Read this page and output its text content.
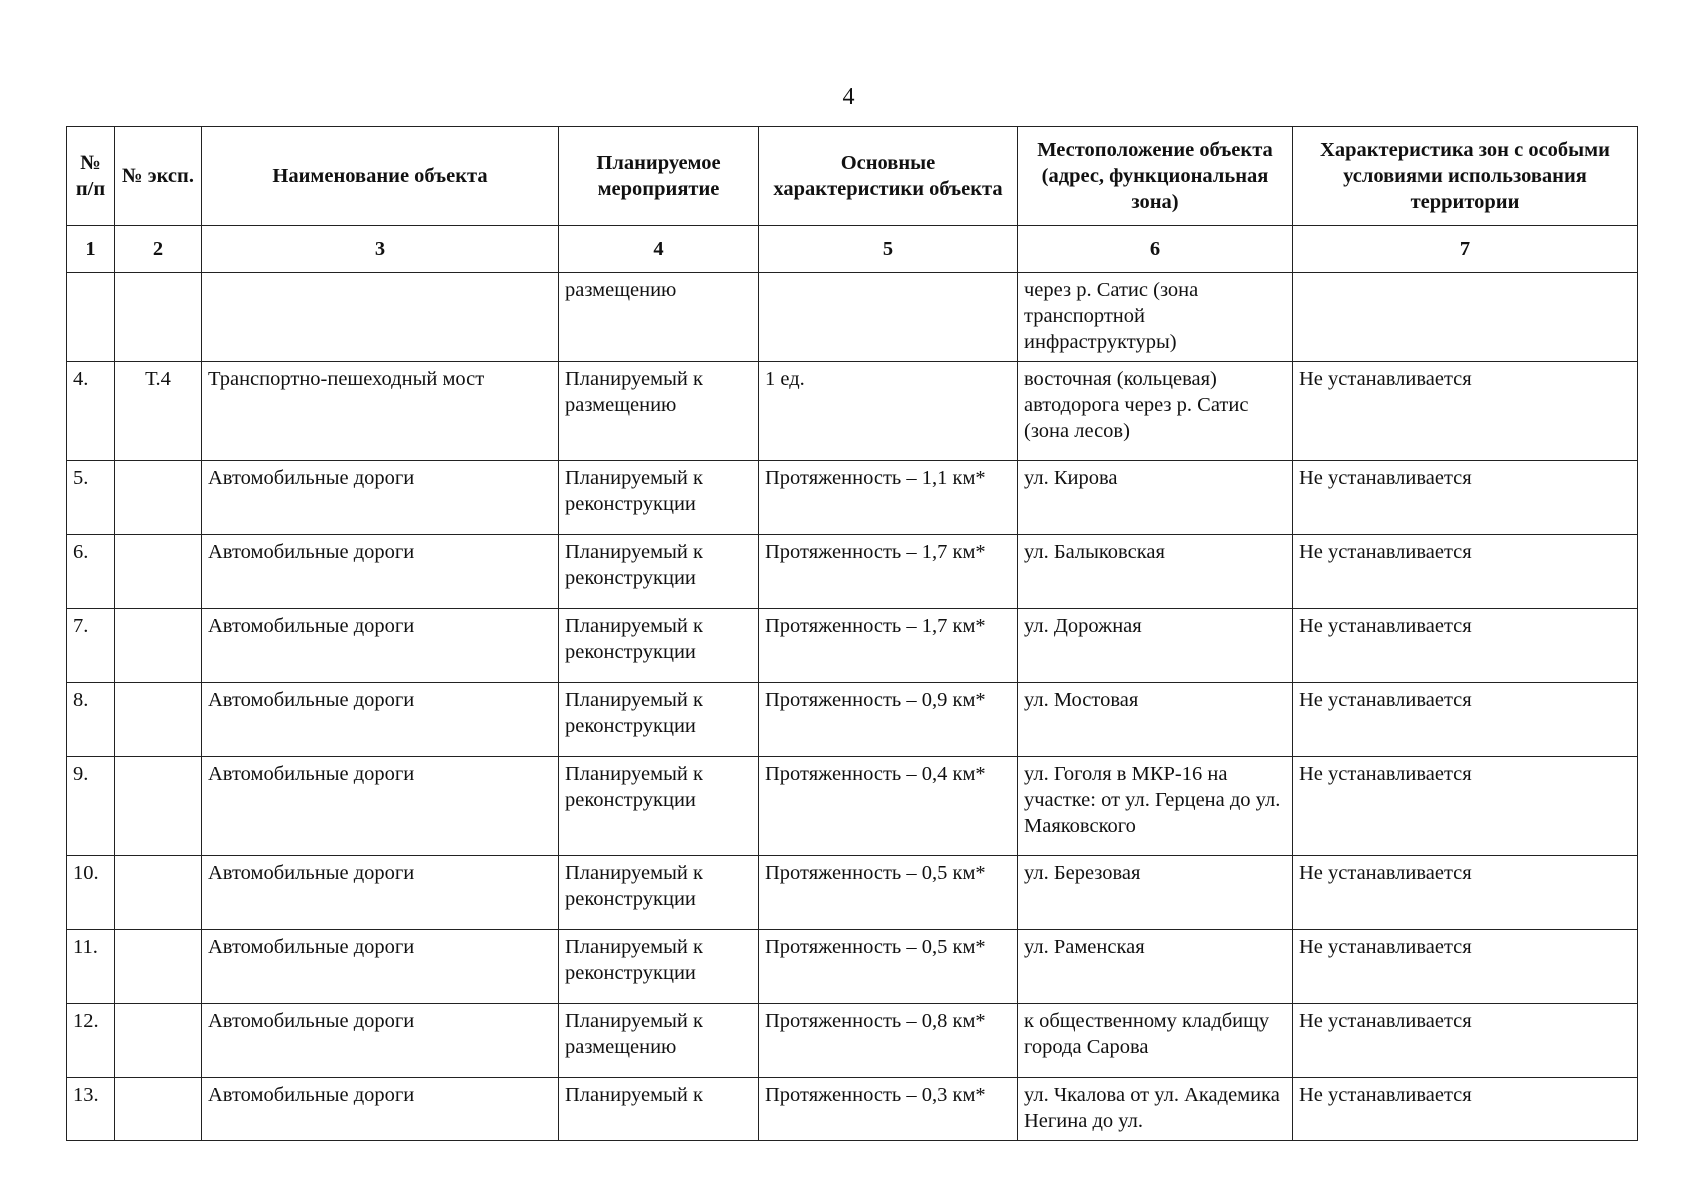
4
№ п/п	№ эксп.	Наименование объекта	Планируемое мероприятие	Основные характеристики объекта	Местоположение объекта (адрес, функциональная зона)	Характеристика зон с особыми условиями использования территории
1	2	3	4	5	6	7
			размещению		через р. Сатис (зона транспортной инфраструктуры)	
4.	Т.4	Транспортно-пешеходный мост	Планируемый к размещению	1 ед.	восточная (кольцевая) автодорога через р. Сатис (зона лесов)	Не устанавливается
5.		Автомобильные дороги	Планируемый к реконструкции	Протяженность – 1,1 км*	ул. Кирова	Не устанавливается
6.		Автомобильные дороги	Планируемый к реконструкции	Протяженность – 1,7 км*	ул. Балыковская	Не устанавливается
7.		Автомобильные дороги	Планируемый к реконструкции	Протяженность – 1,7 км*	ул. Дорожная	Не устанавливается
8.		Автомобильные дороги	Планируемый к реконструкции	Протяженность – 0,9 км*	ул. Мостовая	Не устанавливается
9.		Автомобильные дороги	Планируемый к реконструкции	Протяженность – 0,4 км*	ул. Гоголя в МКР-16 на участке: от ул. Герцена до ул. Маяковского	Не устанавливается
10.		Автомобильные дороги	Планируемый к реконструкции	Протяженность – 0,5 км*	ул. Березовая	Не устанавливается
11.		Автомобильные дороги	Планируемый к реконструкции	Протяженность – 0,5 км*	ул. Раменская	Не устанавливается
12.		Автомобильные дороги	Планируемый к размещению	Протяженность – 0,8 км*	к общественному кладбищу города Сарова	Не устанавливается
13.		Автомобильные дороги	Планируемый к	Протяженность – 0,3 км*	ул. Чкалова от ул. Академика Негина до ул.	Не устанавливается
